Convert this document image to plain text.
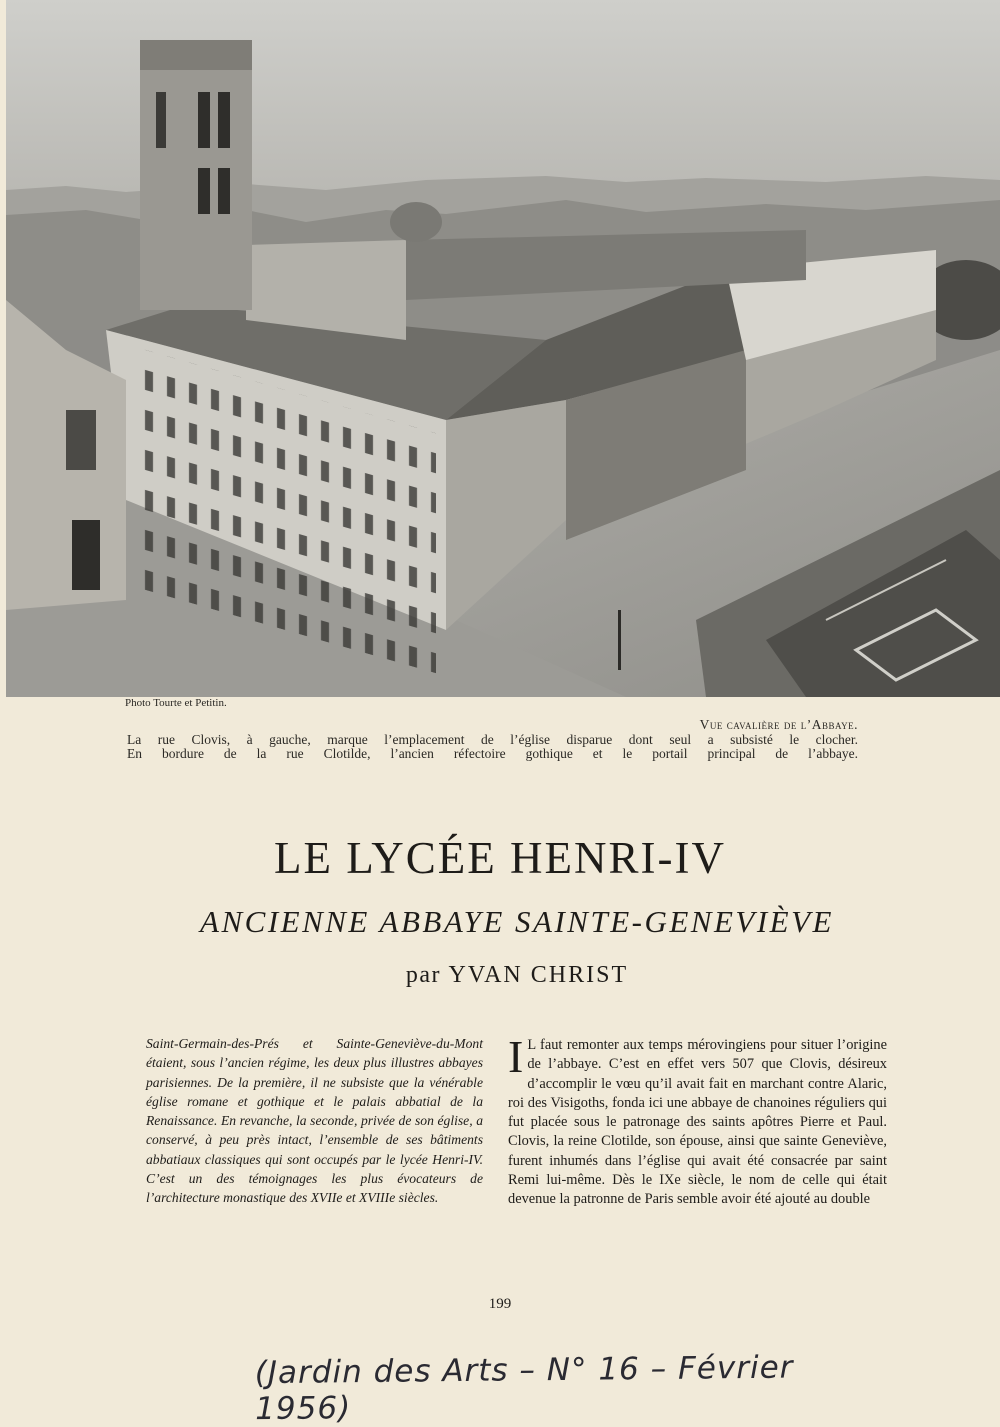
Photo Tourte et Petitin.
Vue cavalière de l’Abbaye.
La rue Clovis, à gauche, marque l’emplacement de l’église disparue dont seul a subsisté le clocher.
En bordure de la rue Clotilde, l’ancien réfectoire gothique et le portail principal de l’abbaye.
LE LYCÉE HENRI-IV
ANCIENNE ABBAYE SAINTE-GENEVIÈVE
par YVAN CHRIST
Saint-Germain-des-Prés et Sainte-Geneviève-du-Mont étaient, sous l’ancien régime, les deux plus illustres abbayes parisiennes. De la première, il ne subsiste que la vénérable église romane et gothique et le palais abbatial de la Renaissance. En revanche, la seconde, privée de son église, a conservé, à peu près intact, l’ensemble de ses bâtiments abbatiaux classiques qui sont occupés par le lycée Henri-IV. C’est un des témoignages les plus évocateurs de l’architecture monastique des XVIIe et XVIIIe siècles.
I L faut remonter aux temps mérovingiens pour situer l’origine de l’abbaye. C’est en effet vers 507 que Clovis, désireux d’accomplir le vœu qu’il avait fait en marchant contre Alaric, roi des Visigoths, fonda ici une abbaye de chanoines réguliers qui fut placée sous le patronage des saints apôtres Pierre et Paul. Clovis, la reine Clotilde, son épouse, ainsi que sainte Geneviève, furent inhumés dans l’église qui avait été consacrée par saint Remi lui-même. Dès le IXe siècle, le nom de celle qui était devenue la patronne de Paris semble avoir été ajouté au double
199
(Jardin des Arts – N° 16 – Février 1956)
